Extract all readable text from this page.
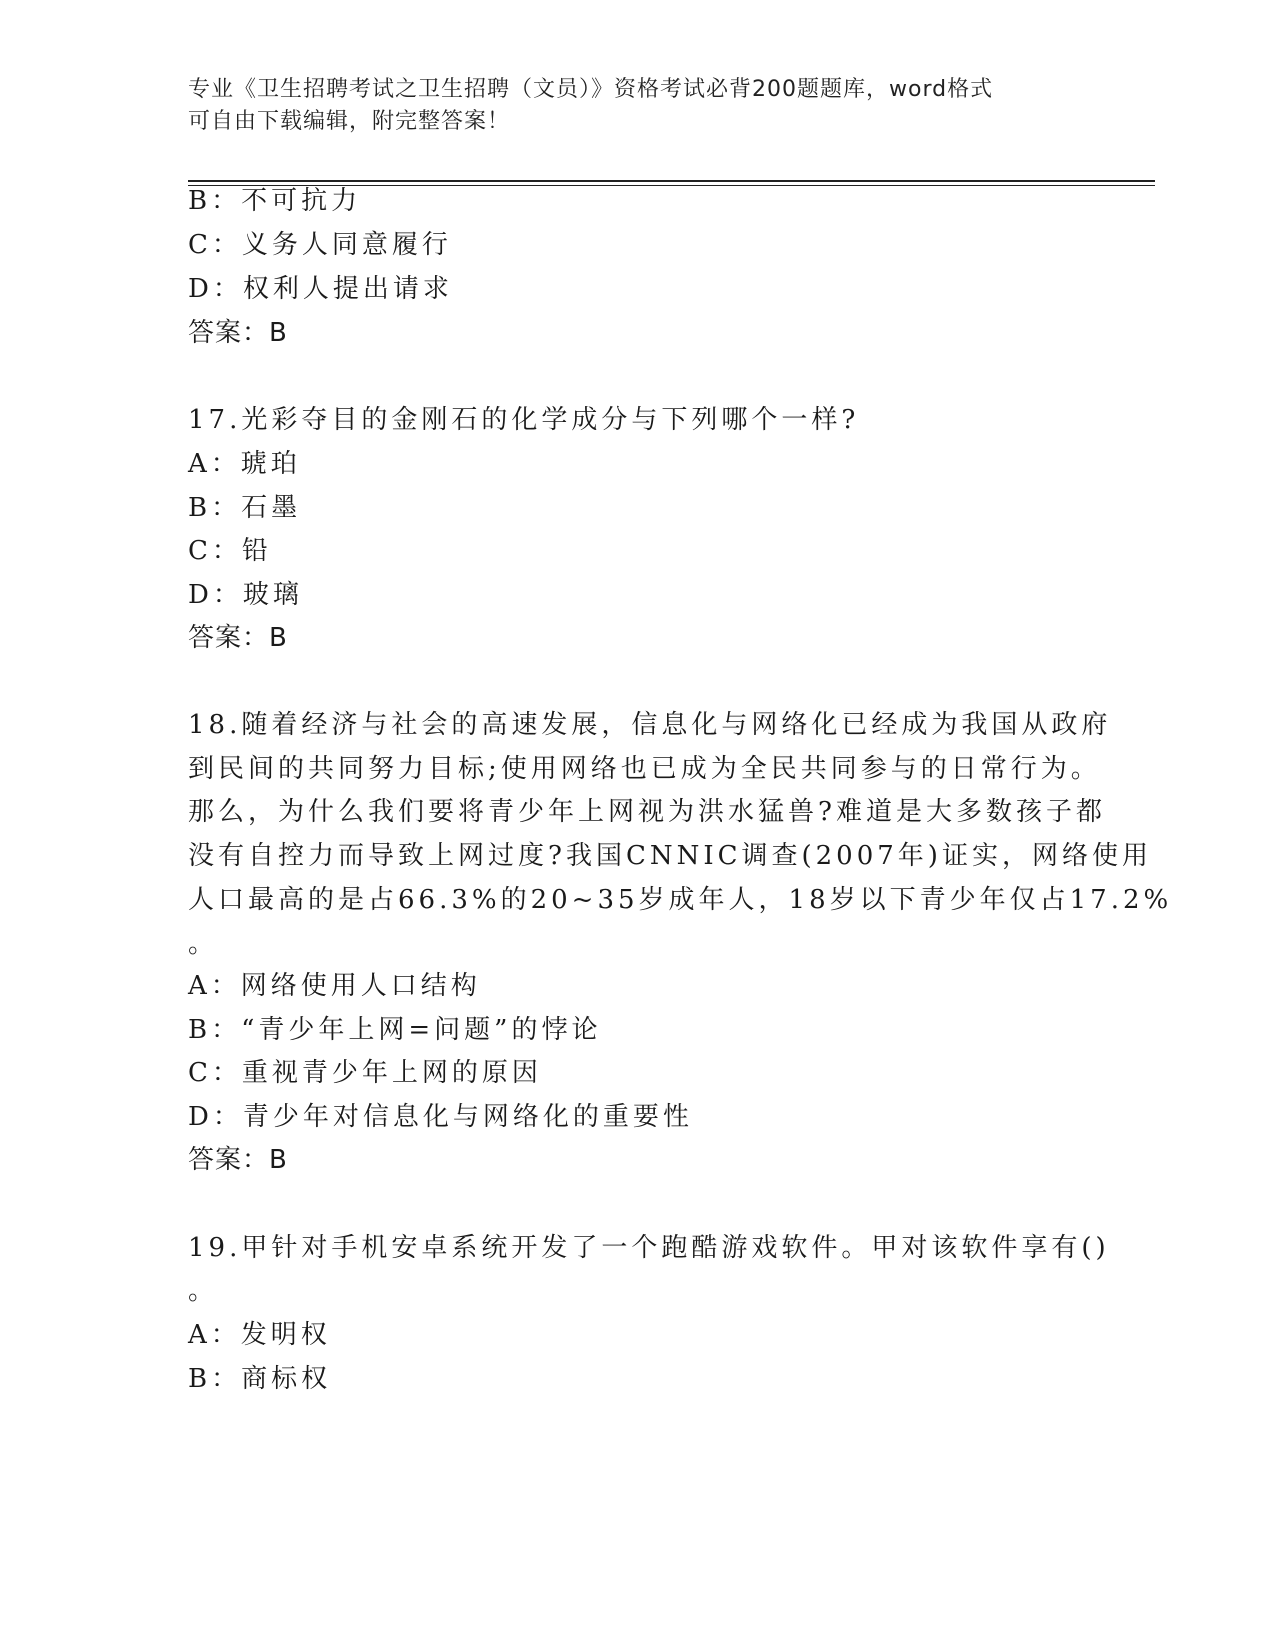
专业《卫生招聘考试之卫生招聘（文员）》资格考试必背200题题库，word格式
可自由下载编辑，附完整答案！
B：不可抗力
C：义务人同意履行
D：权利人提出请求
答案：B
17.光彩夺目的金刚石的化学成分与下列哪个一样?
A：琥珀
B：石墨
C：铅
D：玻璃
答案：B
18.随着经济与社会的高速发展，信息化与网络化已经成为我国从政府
到民间的共同努力目标;使用网络也已成为全民共同参与的日常行为。
那么，为什么我们要将青少年上网视为洪水猛兽?难道是大多数孩子都
没有自控力而导致上网过度?我国CNNIC调查(2007年)证实，网络使用
人口最高的是占66.3%的20~35岁成年人，18岁以下青少年仅占17.2%
。
A：网络使用人口结构
B：“青少年上网=问题”的悖论
C：重视青少年上网的原因
D：青少年对信息化与网络化的重要性
答案：B
19.甲针对手机安卓系统开发了一个跑酷游戏软件。甲对该软件享有()
。
A：发明权
B：商标权
